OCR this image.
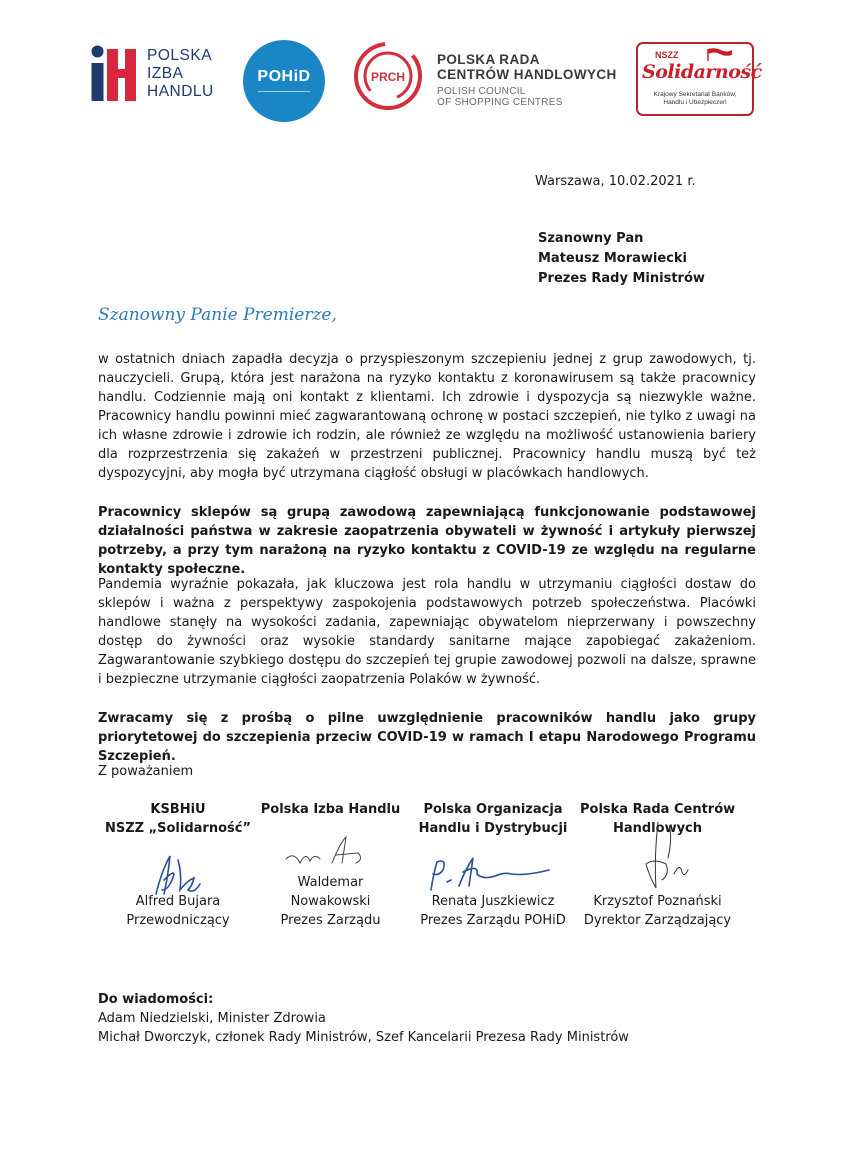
POLSKA
IZBA
HANDLU
POHiD	PRCH
POLSKA RADA
CENTRÓW HANDLOWYCH
POLISH COUNCIL
OF SHOPPING CENTRES
NSZZ
Solidarność
Krajowy Sekretariat Banków,
Handlu i Ubezpieczeń
Warszawa, 10.02.2021 r.
Szanowny Pan
Mateusz Morawiecki
Prezes Rady Ministrów
Szanowny Panie Premierze,
w ostatnich dniach zapadła decyzja o przyspieszonym szczepieniu jednej z grup zawodowych, tj. nauczycieli. Grupą, która jest narażona na ryzyko kontaktu z koronawirusem są także pracownicy handlu. Codziennie mają oni kontakt z klientami. Ich zdrowie i dyspozycja są niezwykle ważne. Pracownicy handlu powinni mieć zagwarantowaną ochronę w postaci szczepień, nie tylko z uwagi na ich własne zdrowie i zdrowie ich rodzin, ale również ze względu na możliwość ustanowienia bariery dla rozprzestrzenia się zakażeń w przestrzeni publicznej. Pracownicy handlu muszą być też dyspozycyjni, aby mogła być utrzymana ciągłość obsługi w placówkach handlowych.
Pracownicy sklepów są grupą zawodową zapewniającą funkcjonowanie podstawowej działalności państwa w zakresie zaopatrzenia obywateli w żywność i artykuły pierwszej potrzeby, a przy tym narażoną na ryzyko kontaktu z COVID-19 ze względu na regularne kontakty społeczne.
Pandemia wyraźnie pokazała, jak kluczowa jest rola handlu w utrzymaniu ciągłości dostaw do sklepów i ważna z perspektywy zaspokojenia podstawowych potrzeb społeczeństwa. Placówki handlowe stanęły na wysokości zadania, zapewniając obywatelom nieprzerwany i powszechny dostęp do żywności oraz wysokie standardy sanitarne mające zapobiegać zakażeniom. Zagwarantowanie szybkiego dostępu do szczepień tej grupie zawodowej pozwoli na dalsze, sprawne i bezpieczne utrzymanie ciągłości zaopatrzenia Polaków w żywność.
Zwracamy się z prośbą o pilne uwzględnienie pracowników handlu jako grupy priorytetowej do szczepienia przeciw COVID-19 w ramach I etapu Narodowego Programu Szczepień.
Z poważaniem
KSBHiU
NSZZ „Solidarność”
Alfred Bujara
Przewodniczący
Polska Izba Handlu
Waldemar
Nowakowski
Prezes Zarządu
Polska Organizacja
Handlu i Dystrybucji
Renata Juszkiewicz
Prezes Zarządu POHiD
Polska Rada Centrów
Handlowych
Krzysztof Poznański
Dyrektor Zarządzający
Do wiadomości:
Adam Niedzielski, Minister Zdrowia
Michał Dworczyk, członek Rady Ministrów, Szef Kancelarii Prezesa Rady Ministrów
